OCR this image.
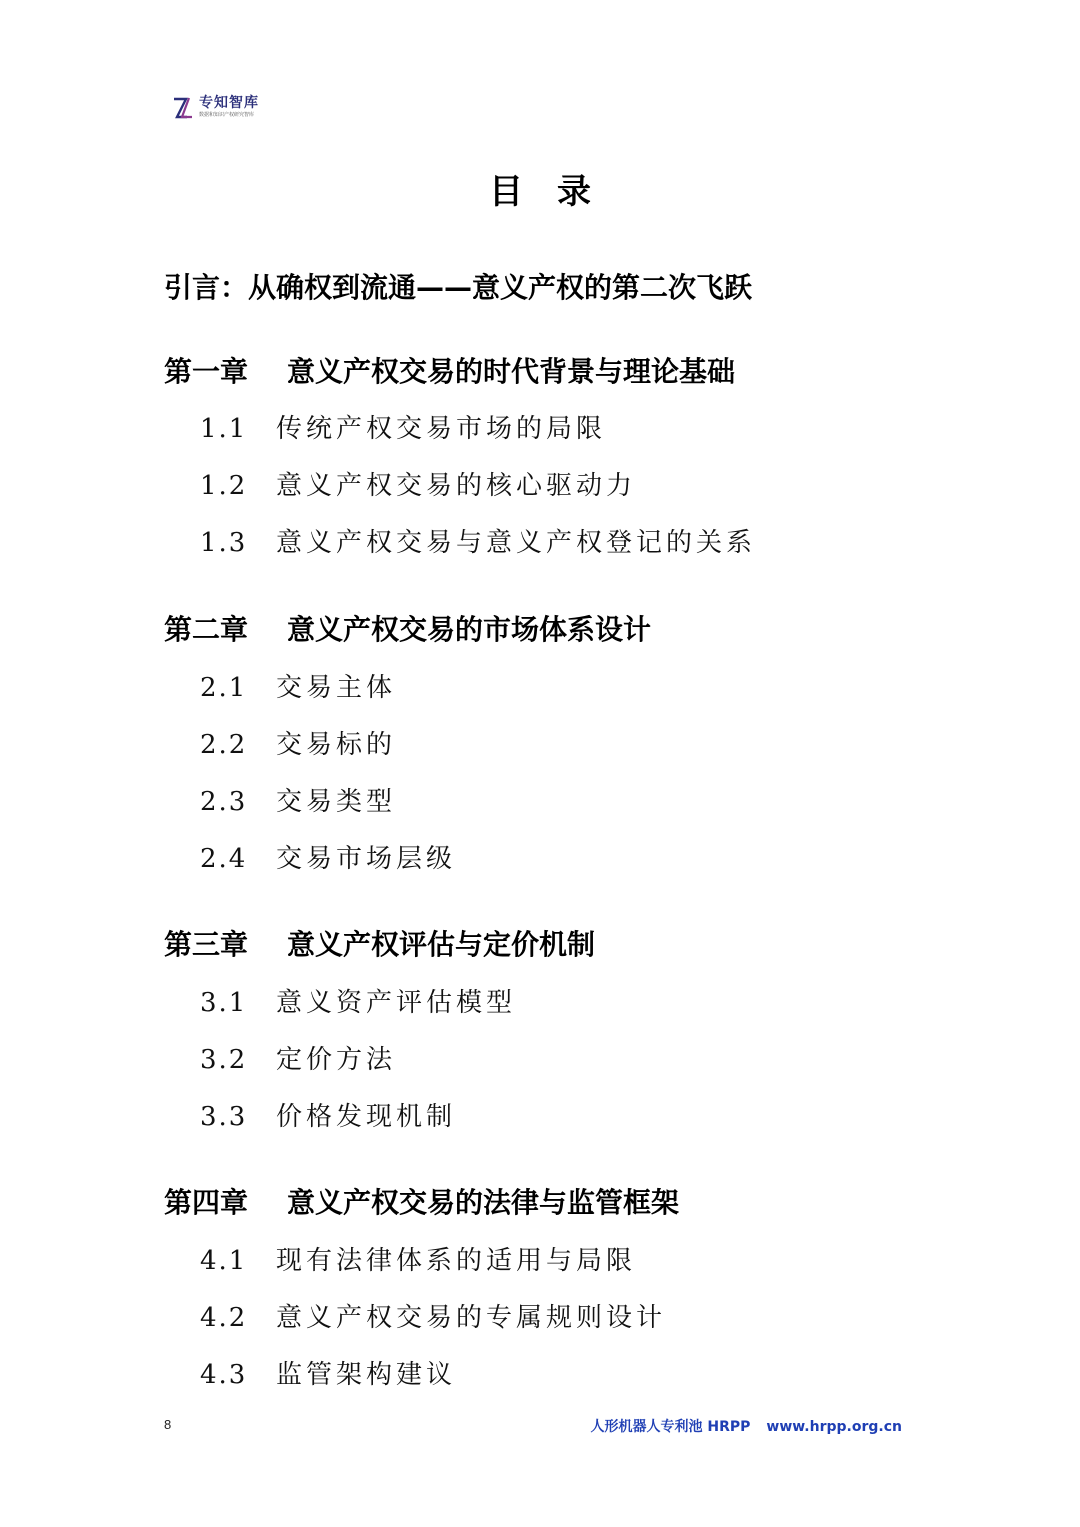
专知智库
数据和知识产权研究智库
目录
引言：从确权到流通——意义产权的第二次飞跃
第一章 意义产权交易的时代背景与理论基础
1.1 传统产权交易市场的局限
1.2 意义产权交易的核心驱动力
1.3 意义产权交易与意义产权登记的关系
第二章 意义产权交易的市场体系设计
2.1 交易主体
2.2 交易标的
2.3 交易类型
2.4 交易市场层级
第三章 意义产权评估与定价机制
3.1 意义资产评估模型
3.2 定价方法
3.3 价格发现机制
第四章 意义产权交易的法律与监管框架
4.1 现有法律体系的适用与局限
4.2 意义产权交易的专属规则设计
4.3 监管架构建议
8	人形机器人专利池 HRPP www.hrpp.org.cn
